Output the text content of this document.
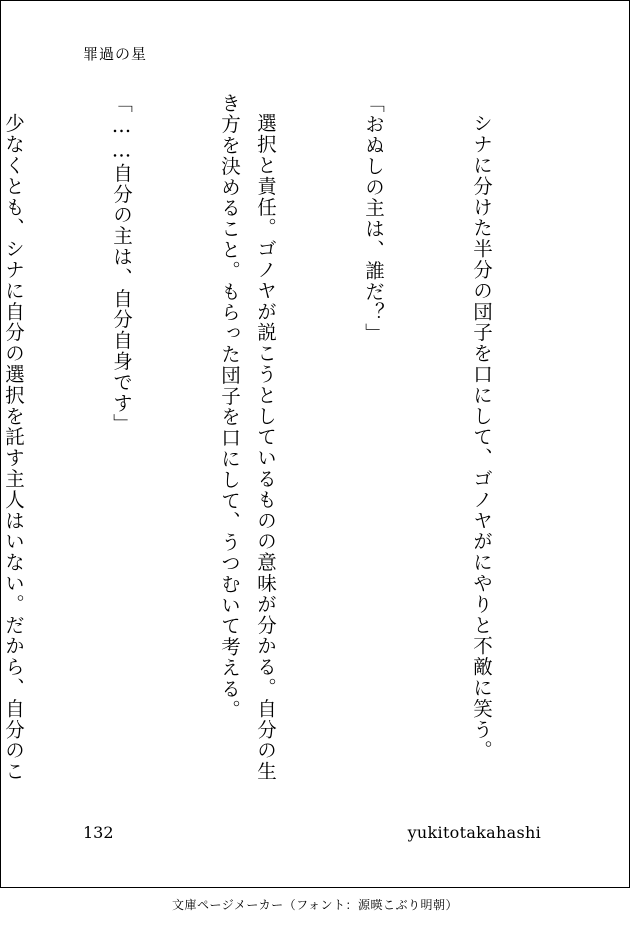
罪過の星

シナに分けた半分の団子を口にして、ゴノヤがにやりと不敵に笑う。

「おぬしの主は、誰だ？」

選択と責任。ゴノヤが説こうとしているものの意味が分かる。自分の生き方を決めること。もらった団子を口にして、うつむいて考える。

「……自分の主は、自分自身です」

少なくとも、シナに自分の選択を託す主人はいない。だから、自分のこ

132	yukitotakahashi
文庫ページメーカー（フォント：源暎こぶり明朝）
